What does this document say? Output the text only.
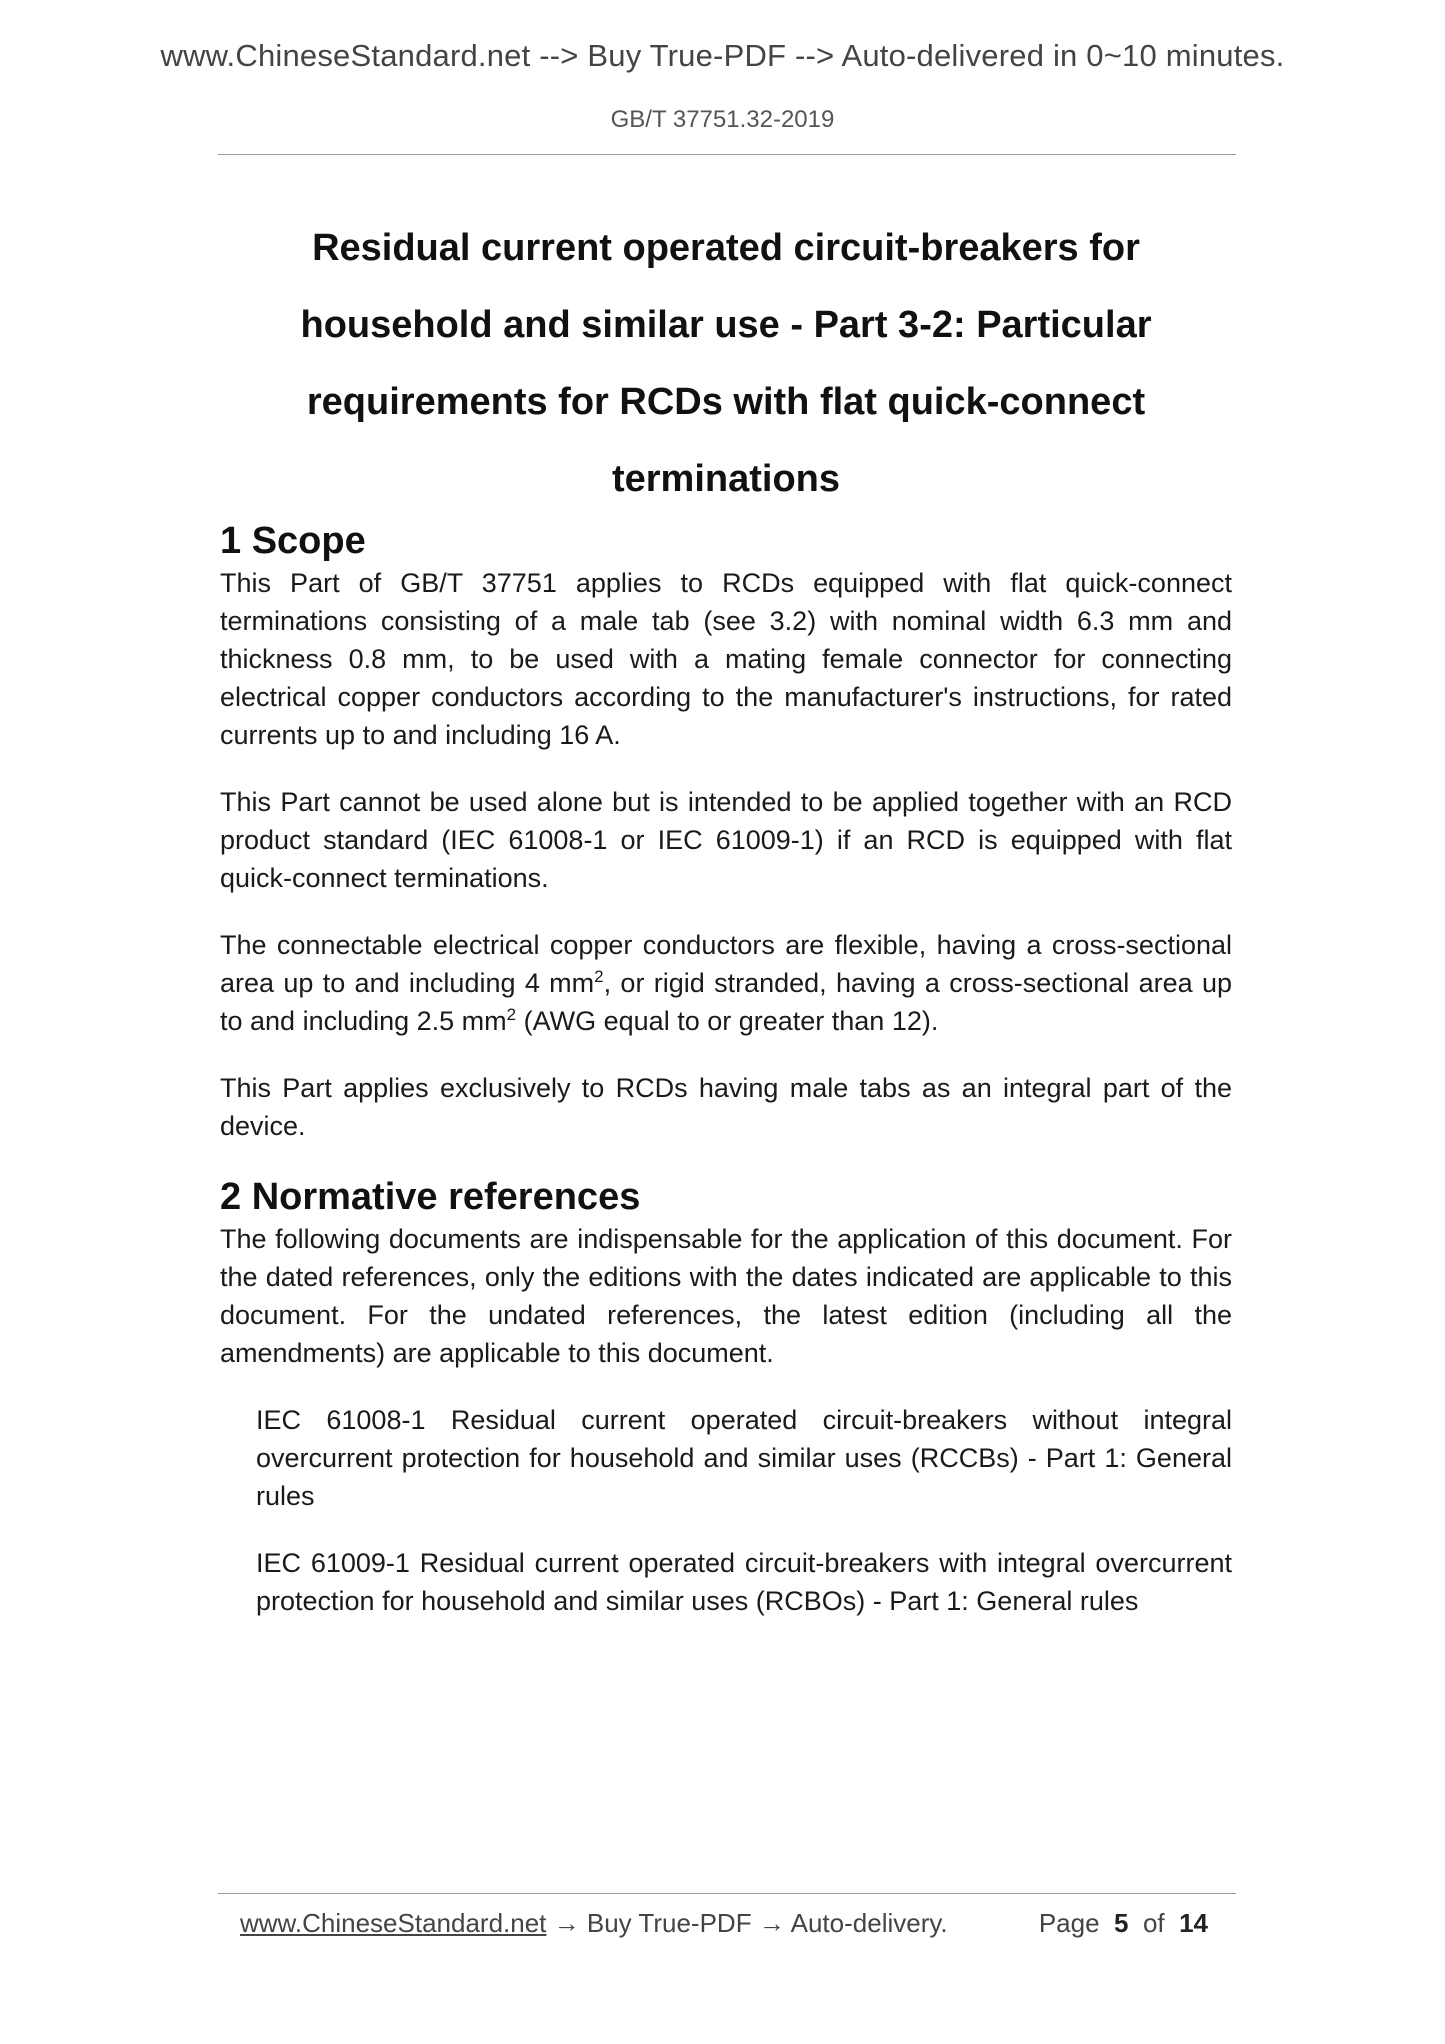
www.ChineseStandard.net --> Buy True-PDF --> Auto-delivered in 0~10 minutes.
GB/T 37751.32-2019
Residual current operated circuit-breakers for
household and similar use - Part 3-2: Particular
requirements for RCDs with flat quick-connect
terminations
1 Scope

This Part of GB/T 37751 applies to RCDs equipped with flat quick-connect terminations consisting of a male tab (see 3.2) with nominal width 6.3 mm and thickness 0.8 mm, to be used with a mating female connector for connecting electrical copper conductors according to the manufacturer's instructions, for rated currents up to and including 16 A.

This Part cannot be used alone but is intended to be applied together with an RCD product standard (IEC 61008-1 or IEC 61009-1) if an RCD is equipped with flat quick-connect terminations.

The connectable electrical copper conductors are flexible, having a cross-sectional area up to and including 4 $mm^2$, or rigid stranded, having a cross-sectional area up to and including 2.5 $mm^2$ (AWG equal to or greater than 12).

This Part applies exclusively to RCDs having male tabs as an integral part of the device.

2 Normative references

The following documents are indispensable for the application of this document. For the dated references, only the editions with the dates indicated are applicable to this document. For the undated references, the latest edition (including all the amendments) are applicable to this document.

IEC 61008-1 Residual current operated circuit-breakers without integral overcurrent protection for household and similar uses (RCCBs) - Part 1: General rules

IEC 61009-1 Residual current operated circuit-breakers with integral overcurrent protection for household and similar uses (RCBOs) - Part 1: General rules

www.ChineseStandard.net → Buy True-PDF → Auto-delivery.	Page 5 of 14
